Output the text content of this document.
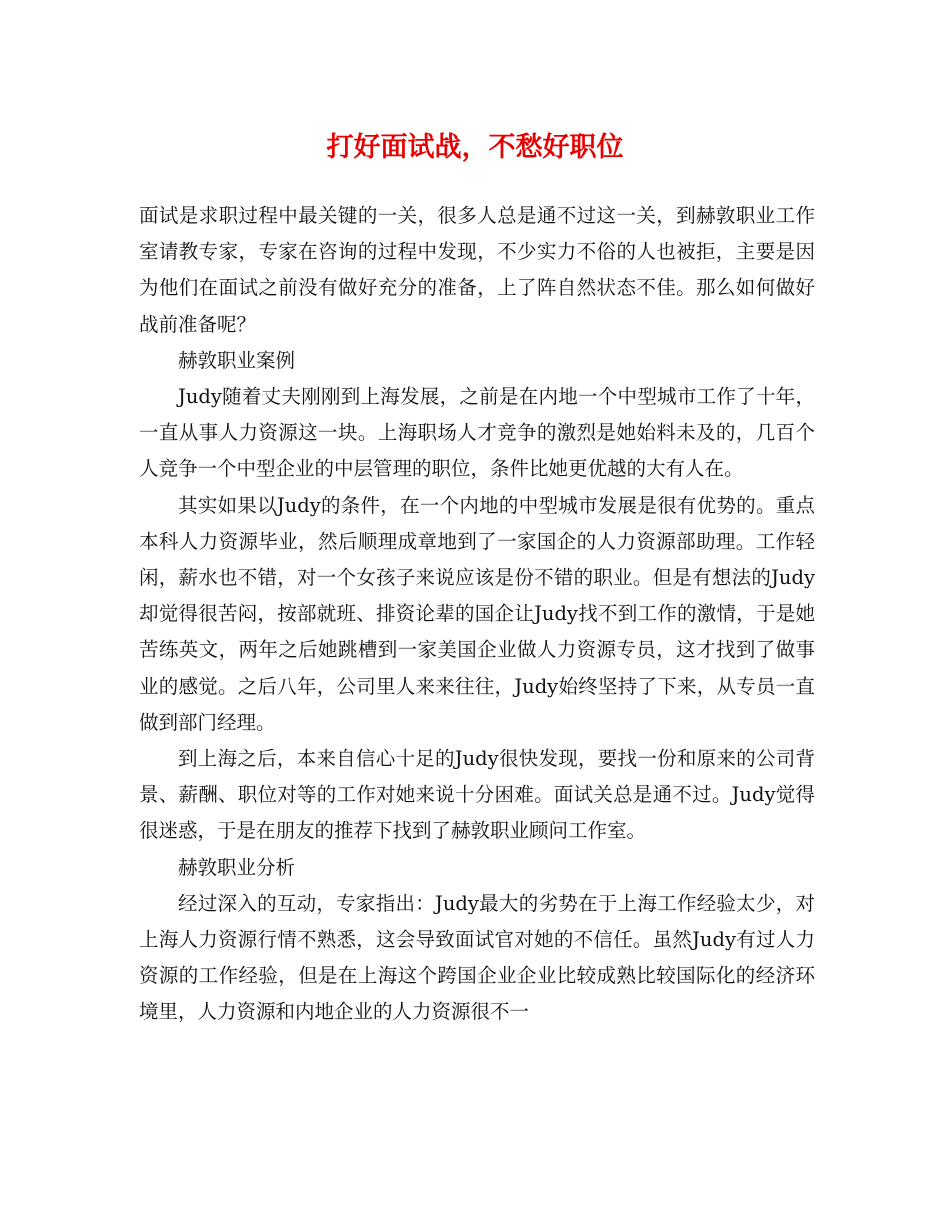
打好面试战，不愁好职位

面试是求职过程中最关键的一关，很多人总是通不过这一关，到赫敦职业工作室请教专家，专家在咨询的过程中发现，不少实力不俗的人也被拒，主要是因为他们在面试之前没有做好充分的准备，上了阵自然状态不佳。那么如何做好战前准备呢？

赫敦职业案例

Judy随着丈夫刚刚到上海发展，之前是在内地一个中型城市工作了十年，一直从事人力资源这一块。上海职场人才竞争的激烈是她始料未及的，几百个人竞争一个中型企业的中层管理的职位，条件比她更优越的大有人在。

其实如果以Judy的条件，在一个内地的中型城市发展是很有优势的。重点本科人力资源毕业，然后顺理成章地到了一家国企的人力资源部助理。工作轻闲，薪水也不错，对一个女孩子来说应该是份不错的职业。但是有想法的Judy却觉得很苦闷，按部就班、排资论辈的国企让Judy找不到工作的激情，于是她苦练英文，两年之后她跳槽到一家美国企业做人力资源专员，这才找到了做事业的感觉。之后八年，公司里人来来往往，Judy始终坚持了下来，从专员一直做到部门经理。

到上海之后，本来自信心十足的Judy很快发现，要找一份和原来的公司背景、薪酬、职位对等的工作对她来说十分困难。面试关总是通不过。Judy觉得很迷惑，于是在朋友的推荐下找到了赫敦职业顾问工作室。

赫敦职业分析

经过深入的互动，专家指出：Judy最大的劣势在于上海工作经验太少，对上海人力资源行情不熟悉，这会导致面试官对她的不信任。虽然Judy有过人力资源的工作经验，但是在上海这个跨国企业企业比较成熟比较国际化的经济环境里，人力资源和内地企业的人力资源很不一
